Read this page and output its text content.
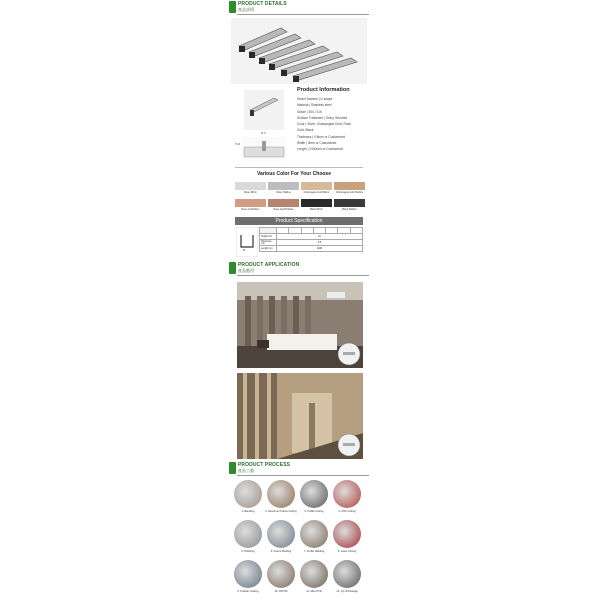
PRODUCT DETAILS
產品詳情
W H
H:10
Product Information
Model Number | U shape
Material | Stainless steel
Grade | 304 / 316
Surface Treatment | Shiny, Brushed
Color | Silver, Champagne Gold, Rose
Gold, Black
Thickness | 0.8mm or Customized
Width | 3mm or Customized
Length | 2440mm or Customized
Various Color For Your Choose
Silver Mirror	Silver Hairline	Champagne Gold Mirror	Champagne Gold Hairline
Rose Gold Mirror	Rose Gold Hairline	Black Mirror	Black Hairline
Product Specification
W

Height mm	10						
Thickness mm	0.8						
Length mm	2440						
PRODUCT APPLICATION
產品應用
PRODUCT PROCESS
產品工藝
1. Blending	2. Aluminum Frame Cutting	3. Profile Cutting	4. CNC Cutting
5. Polishing	6. Frame Welding	7. Profile Welding	8. Laser Cutting
9. Powder Coating	10. NTPVD	11. After PVD	12. QC & Package
